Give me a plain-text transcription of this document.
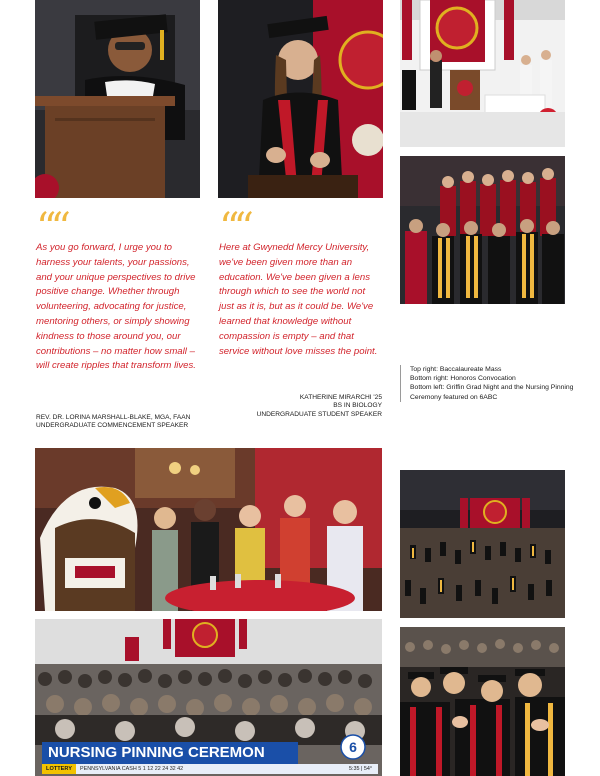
““

As you go forward, I urge you to harness your talents, your passions, and your unique perspectives to drive positive change. Whether through volunteering, advocating for justice, mentoring others, or simply showing kindness to those around you, our contributions – no matter how small – will create ripples that transform lives.

REV. DR. LORINA MARSHALL-BLAKE, MGA, FAAN
UNDERGRADUATE COMMENCEMENT SPEAKER
““

Here at Gwynedd Mercy University, we've been given more than an education. We've been given a lens through which to see the world not just as it is, but as it could be. We've learned that knowledge without compassion is empty – and that service without love misses the point.

KATHERINE MIRARCHI '25
BS IN BIOLOGY
UNDERGRADUATE STUDENT SPEAKER
Top right: Baccalaureate Mass
Bottom right: Honoros Convocation
Bottom left: Griffin Grad Night and the Nursing Pinning Ceremony featured on 6ABC
NURSING PINNING CEREMON
LOTTERY	PENNSYLVANIA CASH 5 1 12 22 24 32 42	5:35 | 54°
6
